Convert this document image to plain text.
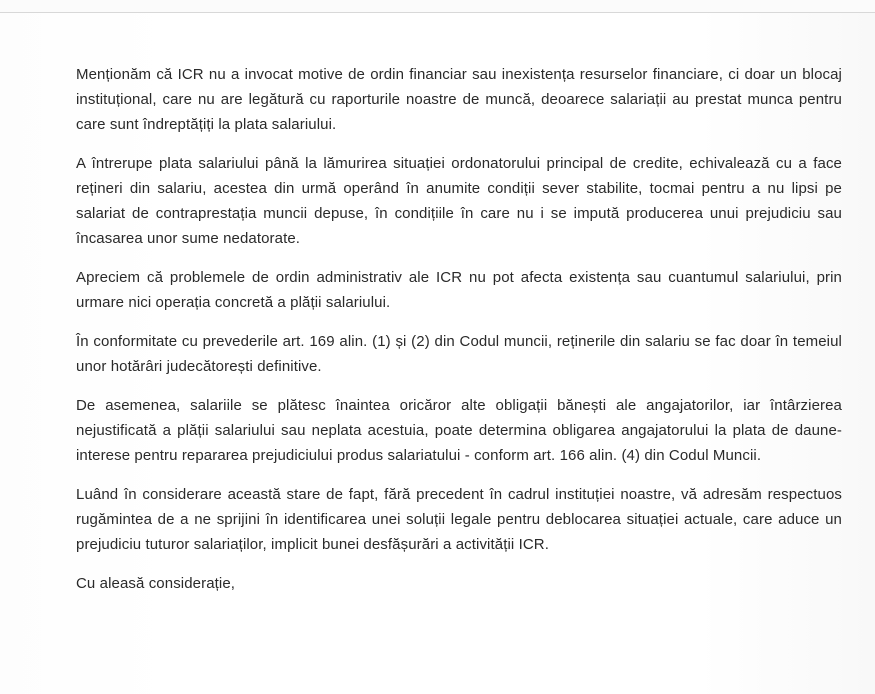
Menționăm că ICR nu a invocat motive de ordin financiar sau inexistența resurselor financiare, ci doar un blocaj instituțional, care nu are legătură cu raporturile noastre de muncă, deoarece salariații au prestat munca pentru care sunt îndreptățiți la plata salariului.

A întrerupe plata salariului până la lămurirea situației ordonatorului principal de credite, echivalează cu a face rețineri din salariu, acestea din urmă operând în anumite condiții sever stabilite, tocmai pentru a nu lipsi pe salariat de contraprestația muncii depuse, în condițiile în care nu i se impută producerea unui prejudiciu sau încasarea unor sume nedatorate.

Apreciem că problemele de ordin administrativ ale ICR nu pot afecta existența sau cuantumul salariului, prin urmare nici operația concretă a plății salariului.

În conformitate cu prevederile art. 169 alin. (1) și (2) din Codul muncii, reținerile din salariu se fac doar în temeiul unor hotărâri judecătorești definitive.

De asemenea, salariile se plătesc înaintea oricăror alte obligații bănești ale angajatorilor, iar întârzierea nejustificată a plății salariului sau neplata acestuia, poate determina obligarea angajatorului la plata de daune-interese pentru repararea prejudiciului produs salariatului - conform art. 166 alin. (4) din Codul Muncii.

Luând în considerare această stare de fapt, fără precedent în cadrul instituției noastre, vă adresăm respectuos rugămintea de a ne sprijini în identificarea unei soluții legale pentru deblocarea situației actuale, care aduce un prejudiciu tuturor salariaților, implicit bunei desfășurări a activității ICR.

Cu aleasă considerație,
